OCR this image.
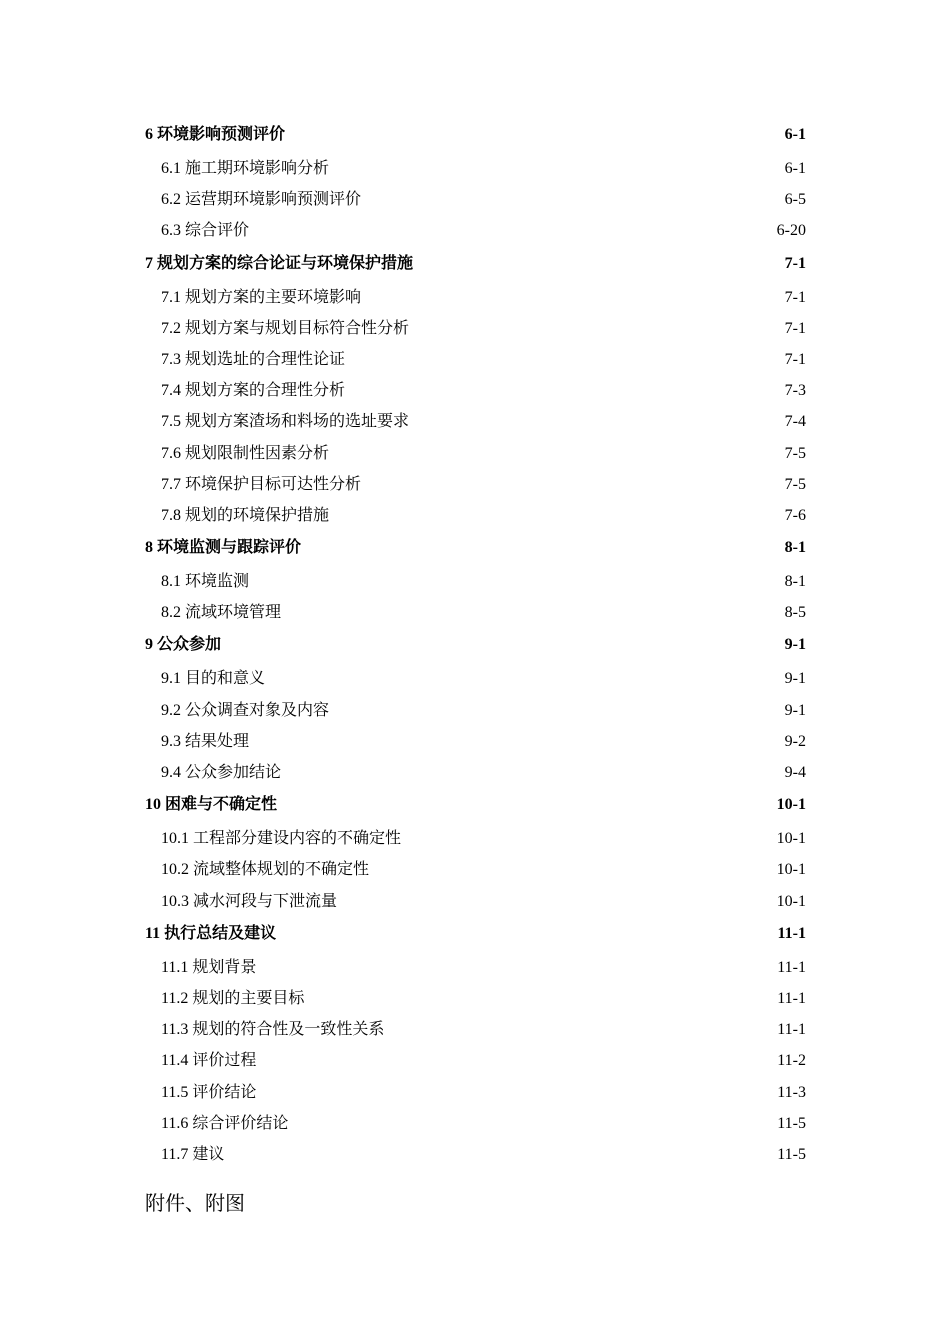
6 环境影响预测评价 .....	6-1
6.1 施工期环境影响分析 .....	6-1
6.2 运营期环境影响预测评价 .....	6-5
6.3 综合评价 .....	6-20
7 规划方案的综合论证与环境保护措施 .....	7-1
7.1 规划方案的主要环境影响 .....	7-1
7.2 规划方案与规划目标符合性分析 .....	7-1
7.3 规划选址的合理性论证 .....	7-1
7.4 规划方案的合理性分析 .....	7-3
7.5 规划方案渣场和料场的选址要求 .....	7-4
7.6 规划限制性因素分析 .....	7-5
7.7 环境保护目标可达性分析 .....	7-5
7.8 规划的环境保护措施 .....	7-6
8 环境监测与跟踪评价 .....	8-1
8.1 环境监测 .....	8-1
8.2 流域环境管理 .....	8-5
9 公众参加 .....	9-1
9.1 目的和意义 .....	9-1
9.2 公众调查对象及内容 .....	9-1
9.3 结果处理 .....	9-2
9.4 公众参加结论 .....	9-4
10 困难与不确定性 .....	10-1
10.1 工程部分建设内容的不确定性 .....	10-1
10.2 流域整体规划的不确定性 .....	10-1
10.3 减水河段与下泄流量 .....	10-1
11 执行总结及建议 .....	11-1
11.1 规划背景 .....	11-1
11.2 规划的主要目标 .....	11-1
11.3 规划的符合性及一致性关系 .....	11-1
11.4 评价过程 .....	11-2
11.5 评价结论 .....	11-3
11.6 综合评价结论 .....	11-5
11.7 建议 .....	11-5
附件、附图
